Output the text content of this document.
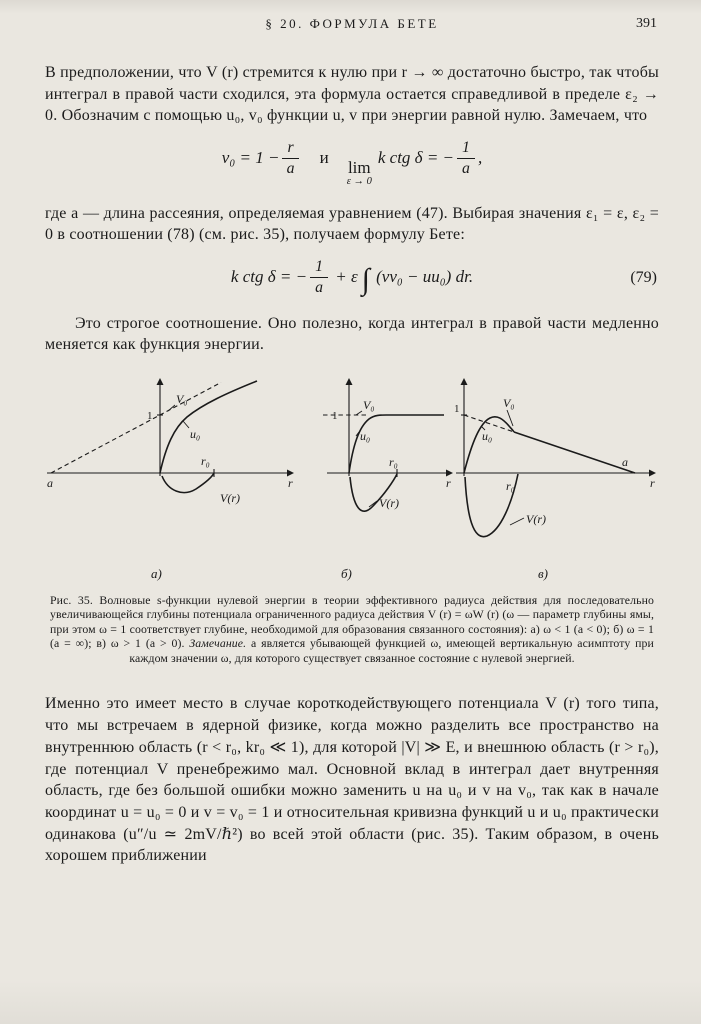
§ 20. ФОРМУЛА БЕТЕ	391

В предположении, что V (r) стремится к нулю при r → ∞ достаточно быстро, так чтобы интеграл в правой части сходился, эта формула остается справедливой в пределе ε₂ → 0. Обозначим с помощью u₀, v₀ функции u, v при энергии равной нулю. Замечаем, что

$v_0 = 1 - \frac{r}{a}$ и
lim
ε → 0
k ctg δ = − $\frac{1}{a}$ ,

где a — длина рассеяния, определяемая уравнением (47). Выбирая значения ε₁ = ε, ε₂ = 0 в соотношении (78) (см. рис. 35), получаем формулу Бете:

k ctg δ = − $\frac{1}{a} + \varepsilon$ ∫ (vv₀ − uu₀) dr.	(79)

Это строгое соотношение. Оно полезно, когда интеграл в правой части медленно меняется как функция энергии.

1
V₀
u₀
r₀
V(r)
a	r
а)
1
V₀
u₀
r₀
V(r)
r
б)
1	V₀
u₀
r₀
V(r)
a
r
в)

Рис. 35. Волновые s-функции нулевой энергии в теории эффективного радиуса действия для последовательно увеличивающейся глубины потенциала ограниченного радиуса действия V (r) = ωW (r) (ω — параметр глубины ямы, при этом ω = 1 соответствует глубине, необходимой для образования связанного состояния): а) ω < 1 (a < 0); б) ω = 1 (a = ∞); в) ω > 1 (a > 0). Замечание. a является убывающей функцией ω, имеющей вертикальную асимптоту при каждом значении ω, для которого существует связанное состояние с нулевой энергией.

Именно это имеет место в случае короткодействующего потенциала V (r) того типа, что мы встречаем в ядерной физике, когда можно разделить все пространство на внутреннюю область (r < r₀, kr₀ ≪ 1), для которой |V| ≫ E, и внешнюю область (r > r₀), где потенциал V пренебрежимо мал. Основной вклад в интеграл дает внутренняя область, где без большой ошибки можно заменить u на u₀ и v на v₀, так как в начале координат u = u₀ = 0 и v = v₀ = 1 и относительная кривизна функций u и u₀ практически одинакова (u″/u ≃ 2mV/ℏ²) во всей этой области (рис. 35). Таким образом, в очень хорошем приближении
